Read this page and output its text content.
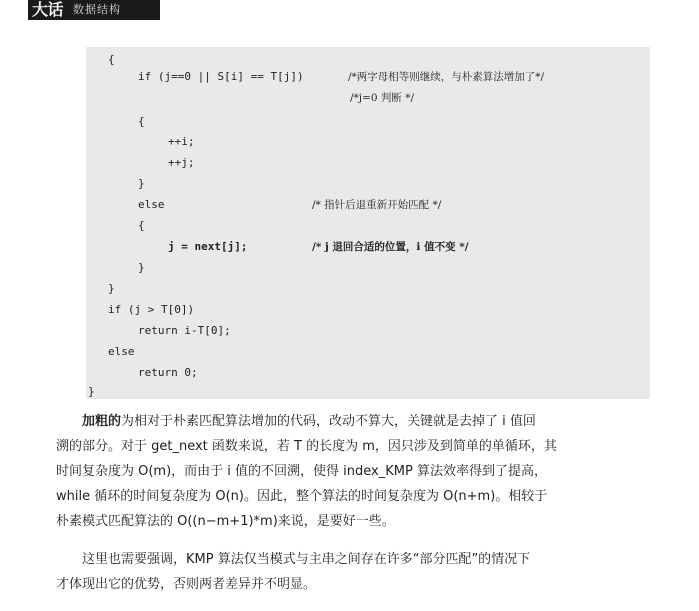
大话 数据结构
{
if (j==0 || S[i] == T[j])	/*两字母相等则继续，与朴素算法增加了*/
/*j=0 判断 */
{
++i;
++j;
}
else	/* 指针后退重新开始匹配 */
{
j = next[j];	/* j 退回合适的位置，i 值不变 */
}
}
if (j > T[0])
return i-T[0];
else
return 0;
}
加粗的为相对于朴素匹配算法增加的代码，改动不算大，关键就是去掉了 i 值回
溯的部分。对于 get_next 函数来说，若 T 的长度为 m，因只涉及到简单的单循环，其
时间复杂度为 O(m)，而由于 i 值的不回溯，使得 index_KMP 算法效率得到了提高，
while 循环的时间复杂度为 O(n)。因此，整个算法的时间复杂度为 O(n+m)。相较于
朴素模式匹配算法的 O((n−m+1)*m)来说，是要好一些。
这里也需要强调，KMP 算法仅当模式与主串之间存在许多“部分匹配”的情况下
才体现出它的优势，否则两者差异并不明显。
